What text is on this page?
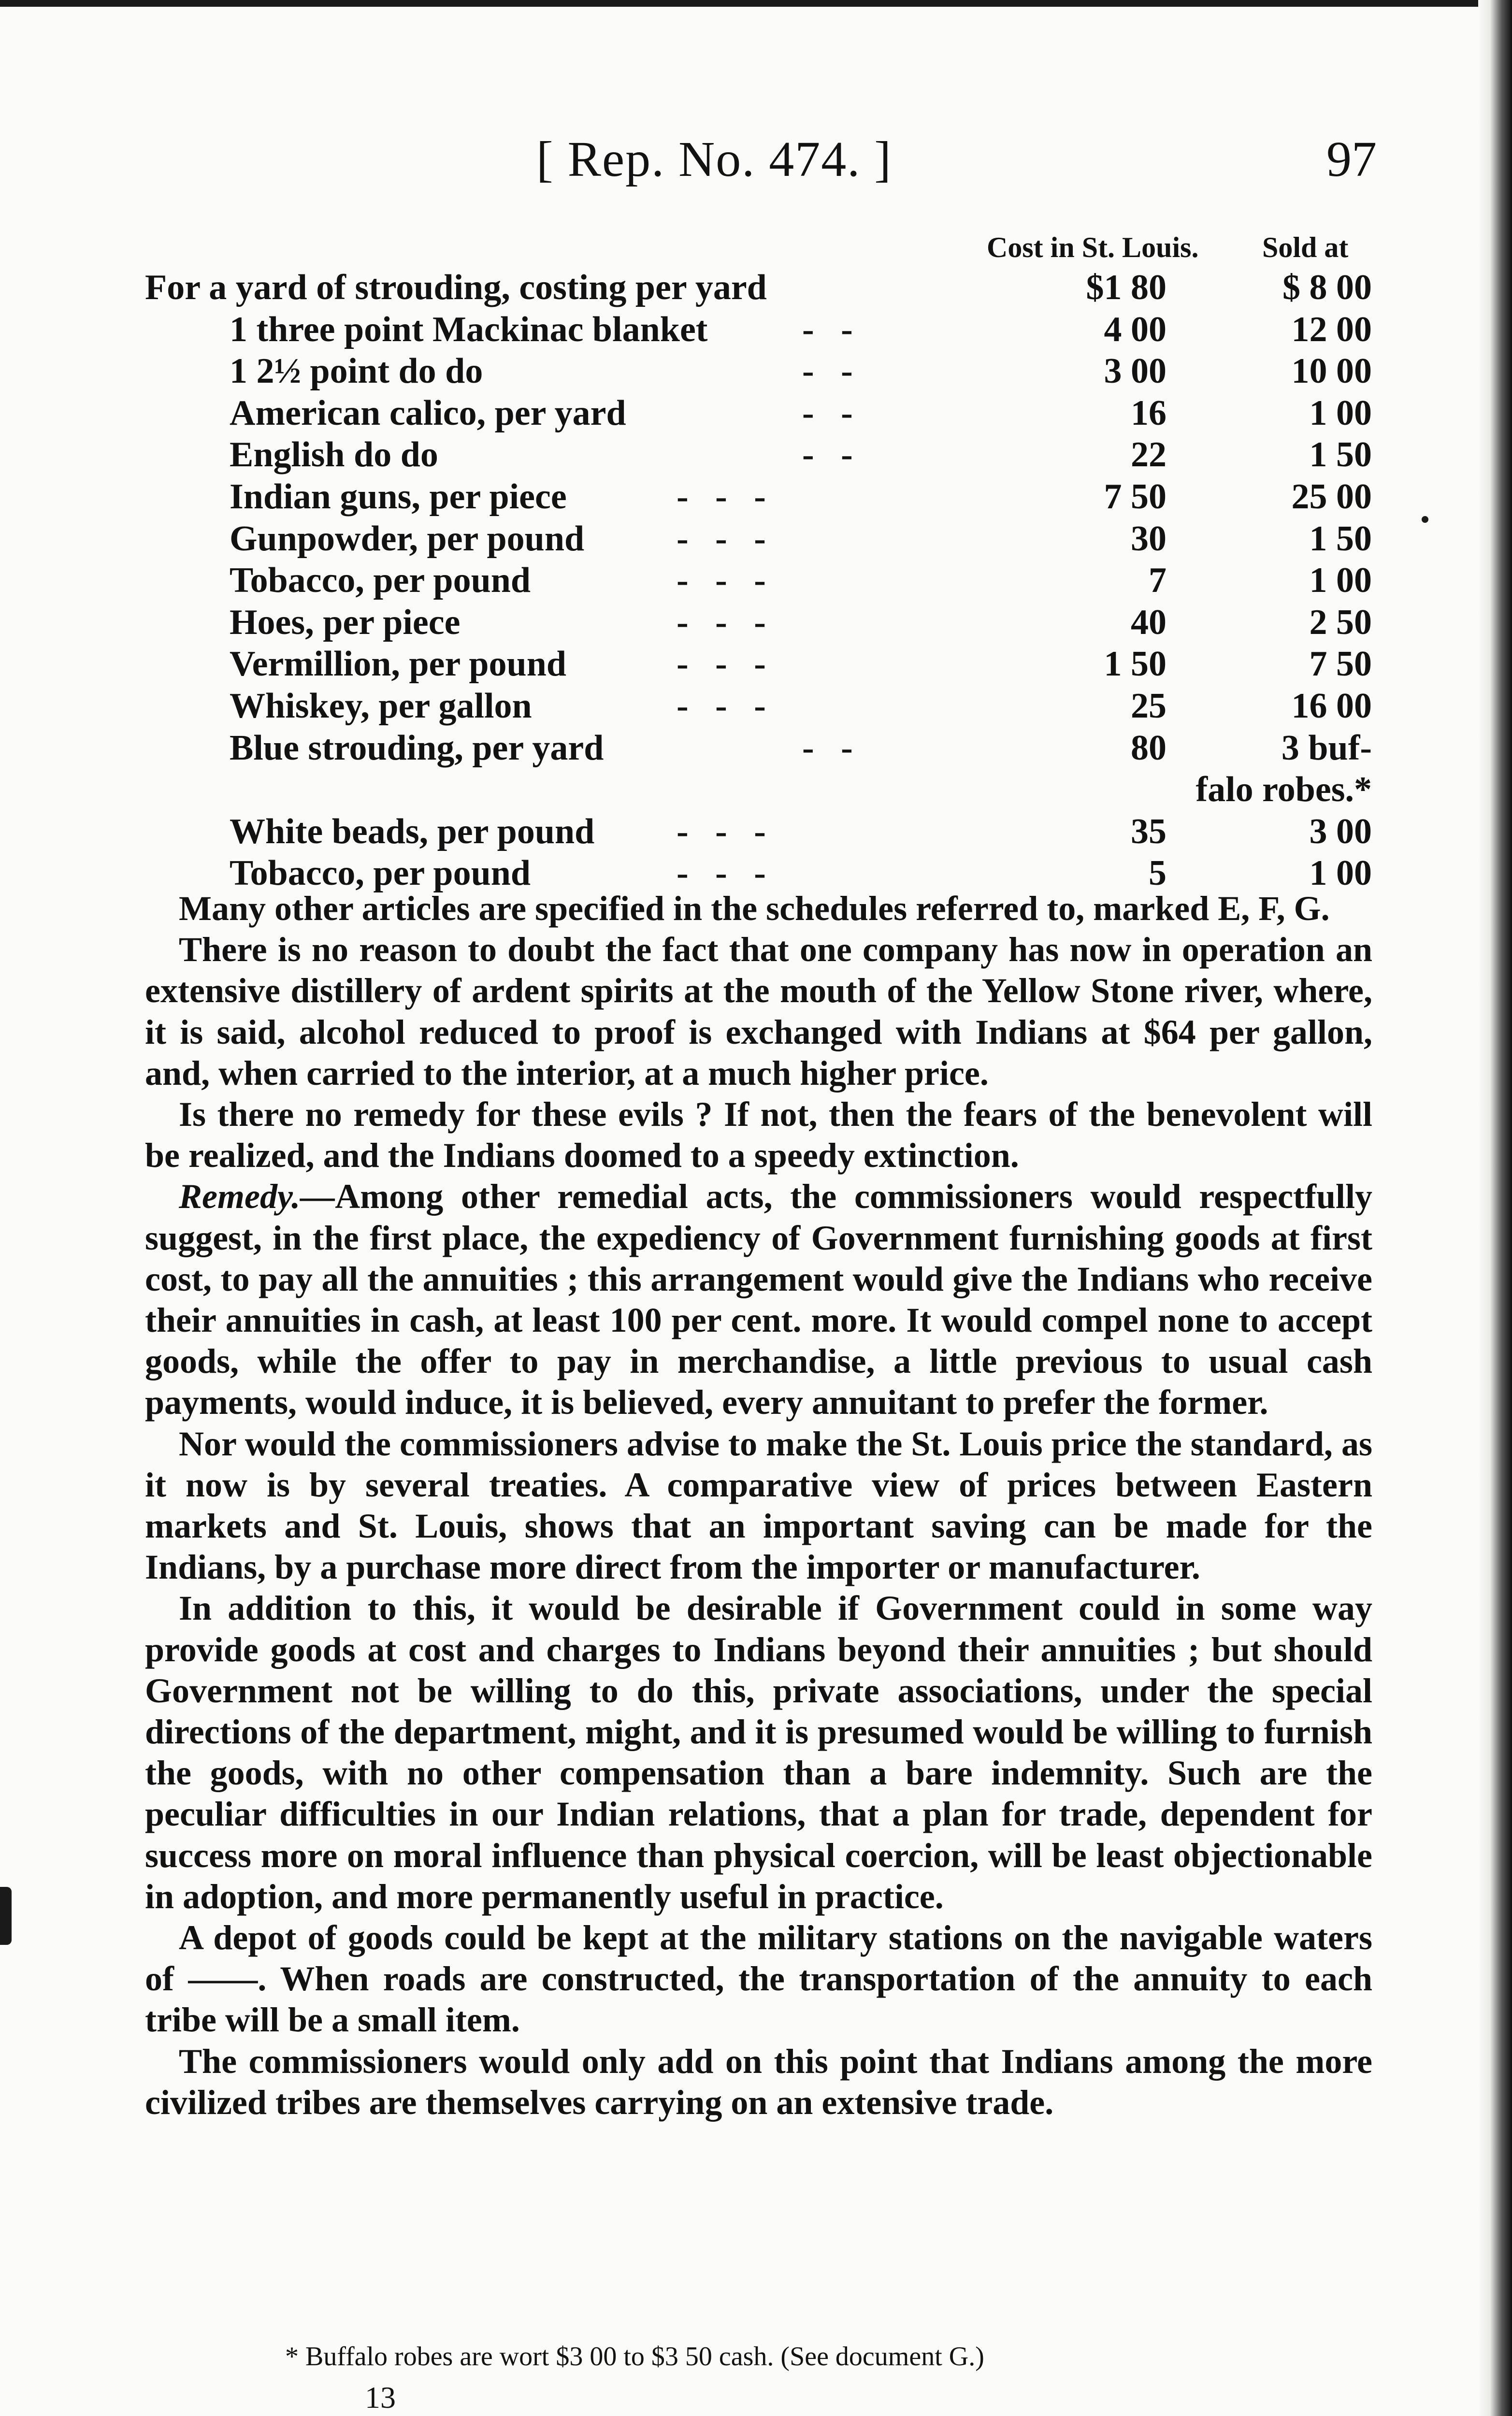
[ Rep. No. 474. ]	97
Cost in St. Louis. Sold at
For a yard of strouding, costing per yard	$1 80	$ 8 00
1 three point Mackinac blanket	-   -	4 00	12 00
1 2½ point do do	-   -	3 00	10 00
American calico, per yard	-   -	16	1 00
English do do	-   -	22	1 50
Indian guns, per piece	-   -   -	7 50	25 00
Gunpowder, per pound	-   -   -	30	1 50
Tobacco, per pound	-   -   -	7	1 00
Hoes, per piece	-   -   -	40	2 50
Vermillion, per pound	-   -   -	1 50	7 50
Whiskey, per gallon	-   -   -	25	16 00
Blue strouding, per yard	-   -	80	3 buf-
falo robes.*
White beads, per pound -   -   -	35	3 00
Tobacco, per pound	-   -   -	5	1 00

Many other articles are specified in the schedules referred to, marked E, F, G.

There is no reason to doubt the fact that one company has now in operation an extensive distillery of ardent spirits at the mouth of the Yellow Stone river, where, it is said, alcohol reduced to proof is exchanged with Indians at $64 per gallon, and, when carried to the interior, at a much higher price.

Is there no remedy for these evils ? If not, then the fears of the benevolent will be realized, and the Indians doomed to a speedy extinction.

Remedy.—Among other remedial acts, the commissioners would respectfully suggest, in the first place, the expediency of Government furnishing goods at first cost, to pay all the annuities ; this arrangement would give the Indians who receive their annuities in cash, at least 100 per cent. more. It would compel none to accept goods, while the offer to pay in merchandise, a little previous to usual cash payments, would induce, it is believed, every annuitant to prefer the former.

Nor would the commissioners advise to make the St. Louis price the standard, as it now is by several treaties. A comparative view of prices between Eastern markets and St. Louis, shows that an important saving can be made for the Indians, by a purchase more direct from the importer or manufacturer.

In addition to this, it would be desirable if Government could in some way provide goods at cost and charges to Indians beyond their annuities ; but should Government not be willing to do this, private associations, under the special directions of the department, might, and it is presumed would be willing to furnish the goods, with no other compensation than a bare indemnity. Such are the peculiar difficulties in our Indian relations, that a plan for trade, dependent for success more on moral influence than physical coercion, will be least objectionable in adoption, and more permanently useful in practice.

A depot of goods could be kept at the military stations on the navigable waters of ——. When roads are constructed, the transportation of the annuity to each tribe will be a small item.

The commissioners would only add on this point that Indians among the more civilized tribes are themselves carrying on an extensive trade.

* Buffalo robes are wort $3 00 to $3 50 cash. (See document G.)
13
